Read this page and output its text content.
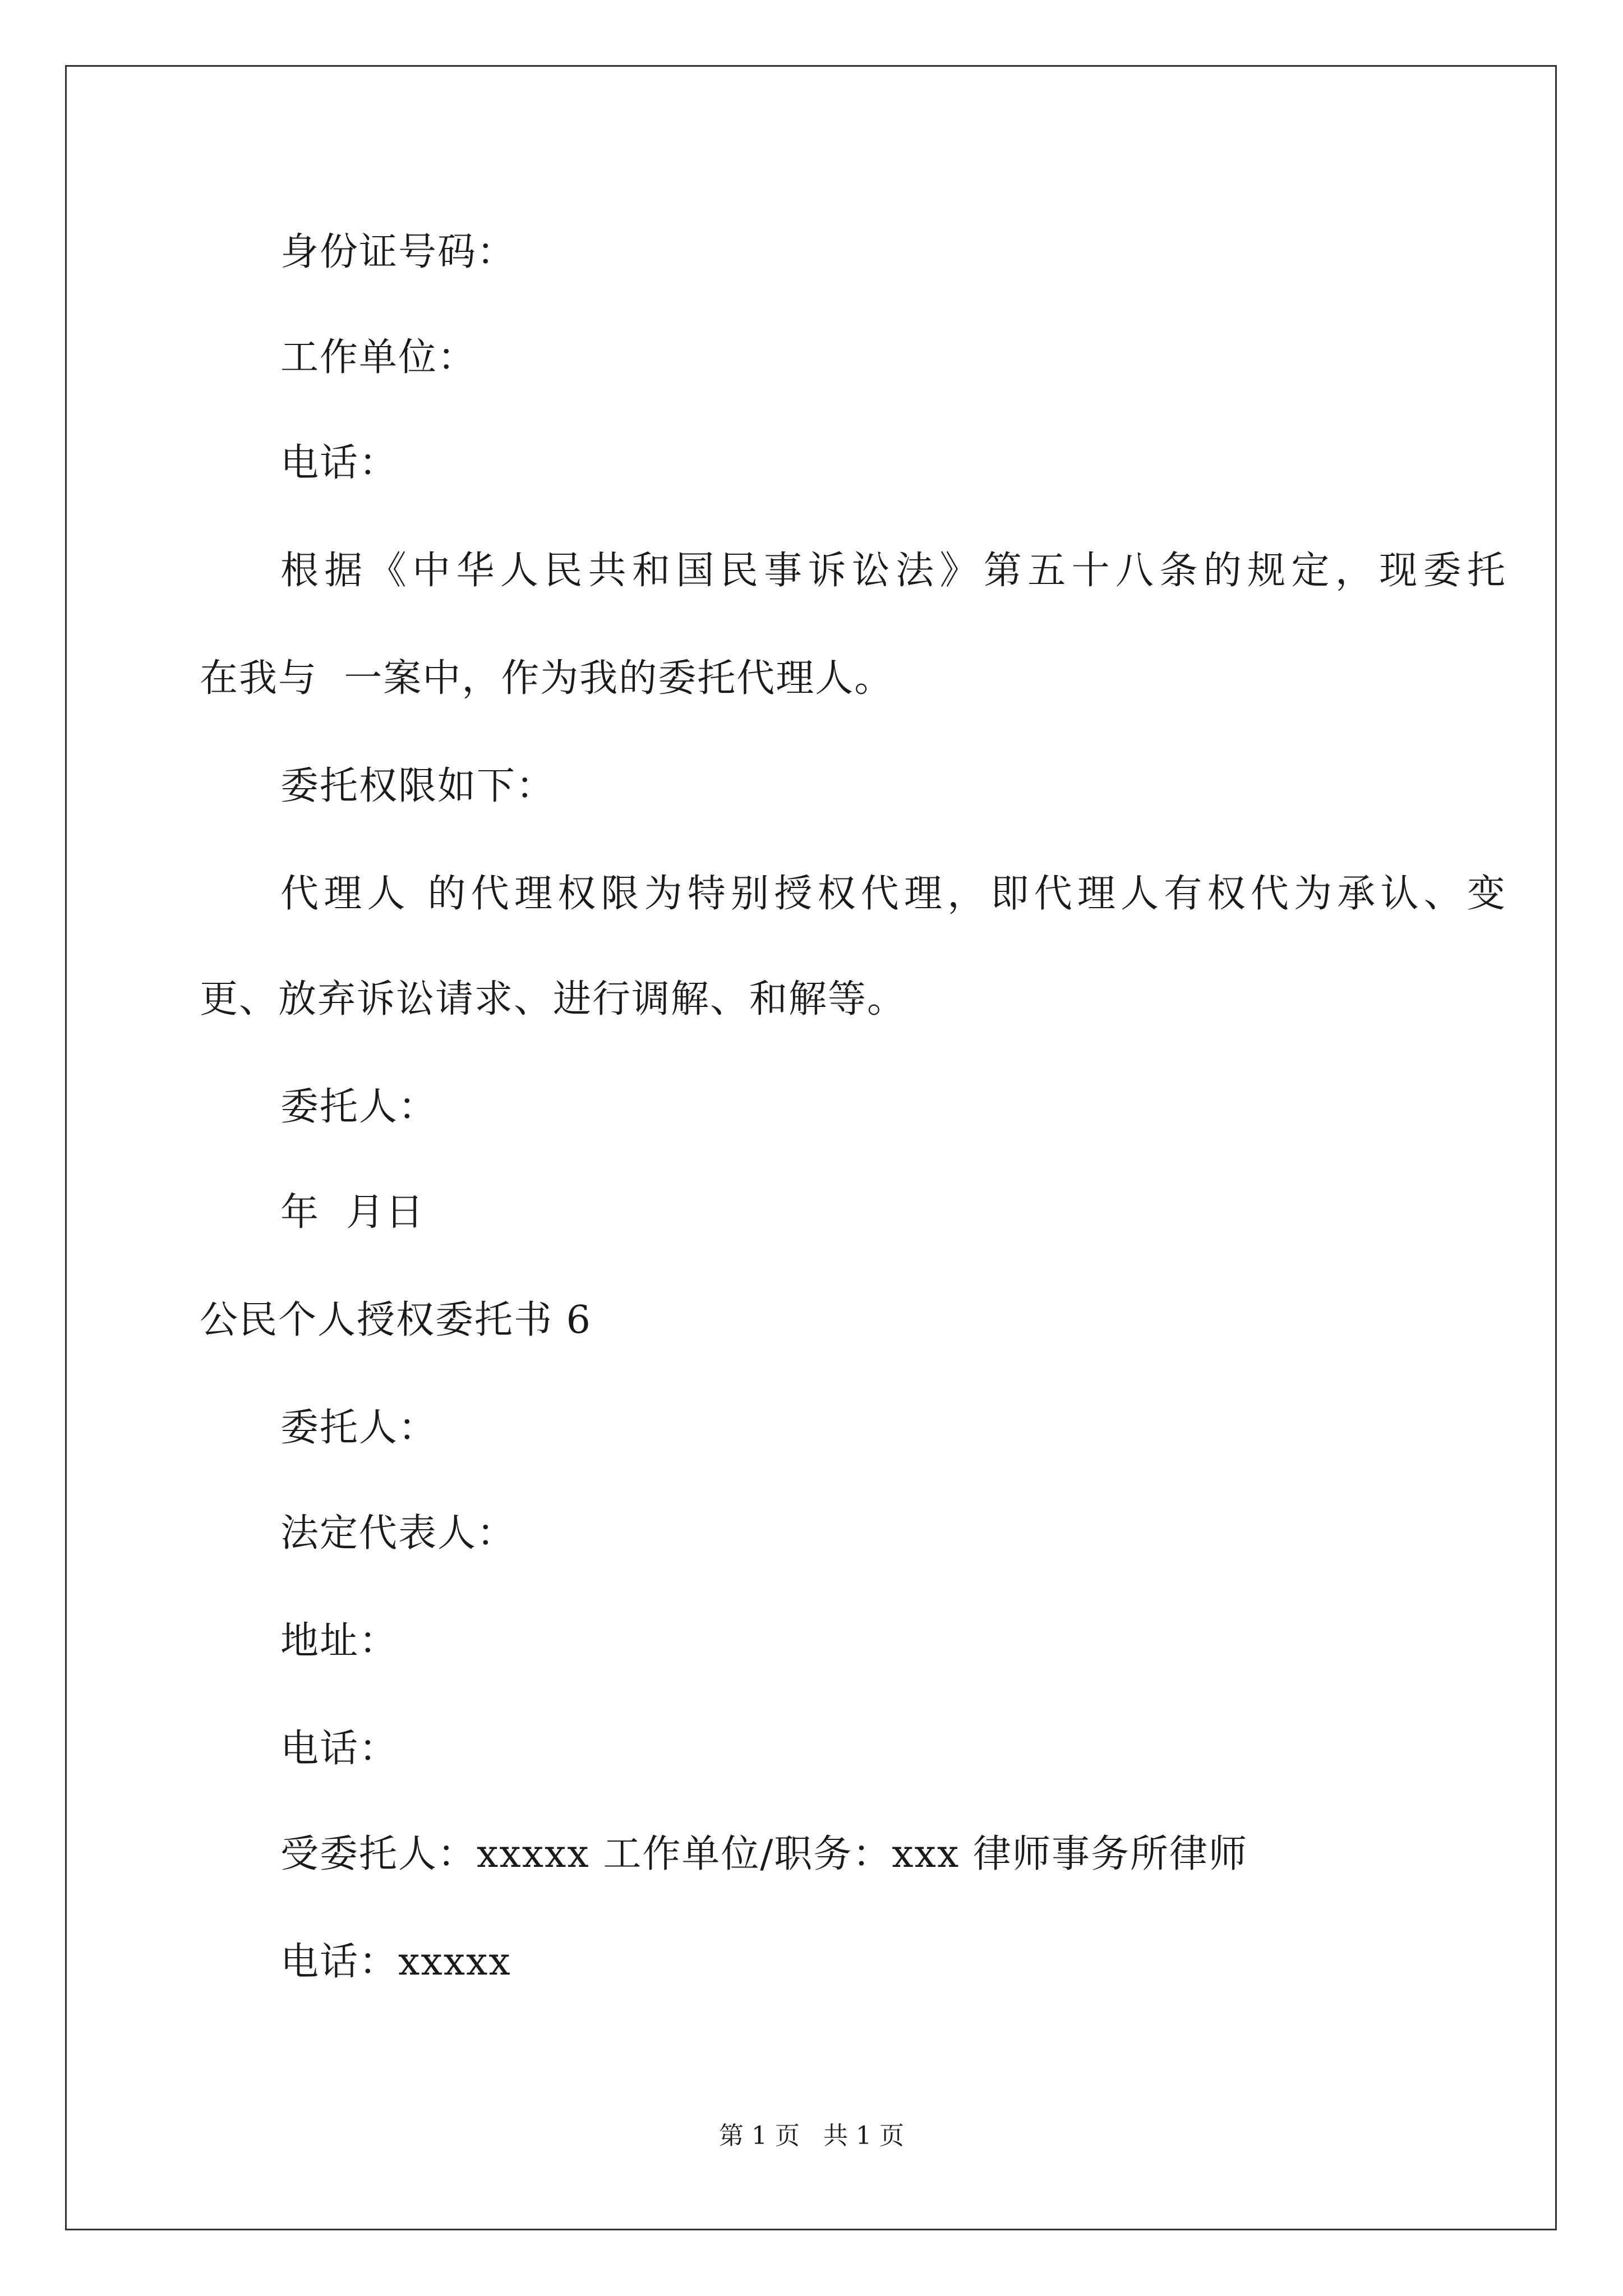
身份证号码：
工作单位：
电话：
根据《中华人民共和国民事诉讼法》第五十八条的规定，现委托
在我与  一案中，作为我的委托代理人。
委托权限如下：
代理人 的代理权限为特别授权代理，即代理人有权代为承认、变
更、放弃诉讼请求、进行调解、和解等。
委托人：
年  月日
公民个人授权委托书 6
委托人：
法定代表人：
地址：
电话：
受委托人：xxxxx 工作单位/职务：xxx 律师事务所律师
电话：xxxxx
第 1 页   共 1 页
